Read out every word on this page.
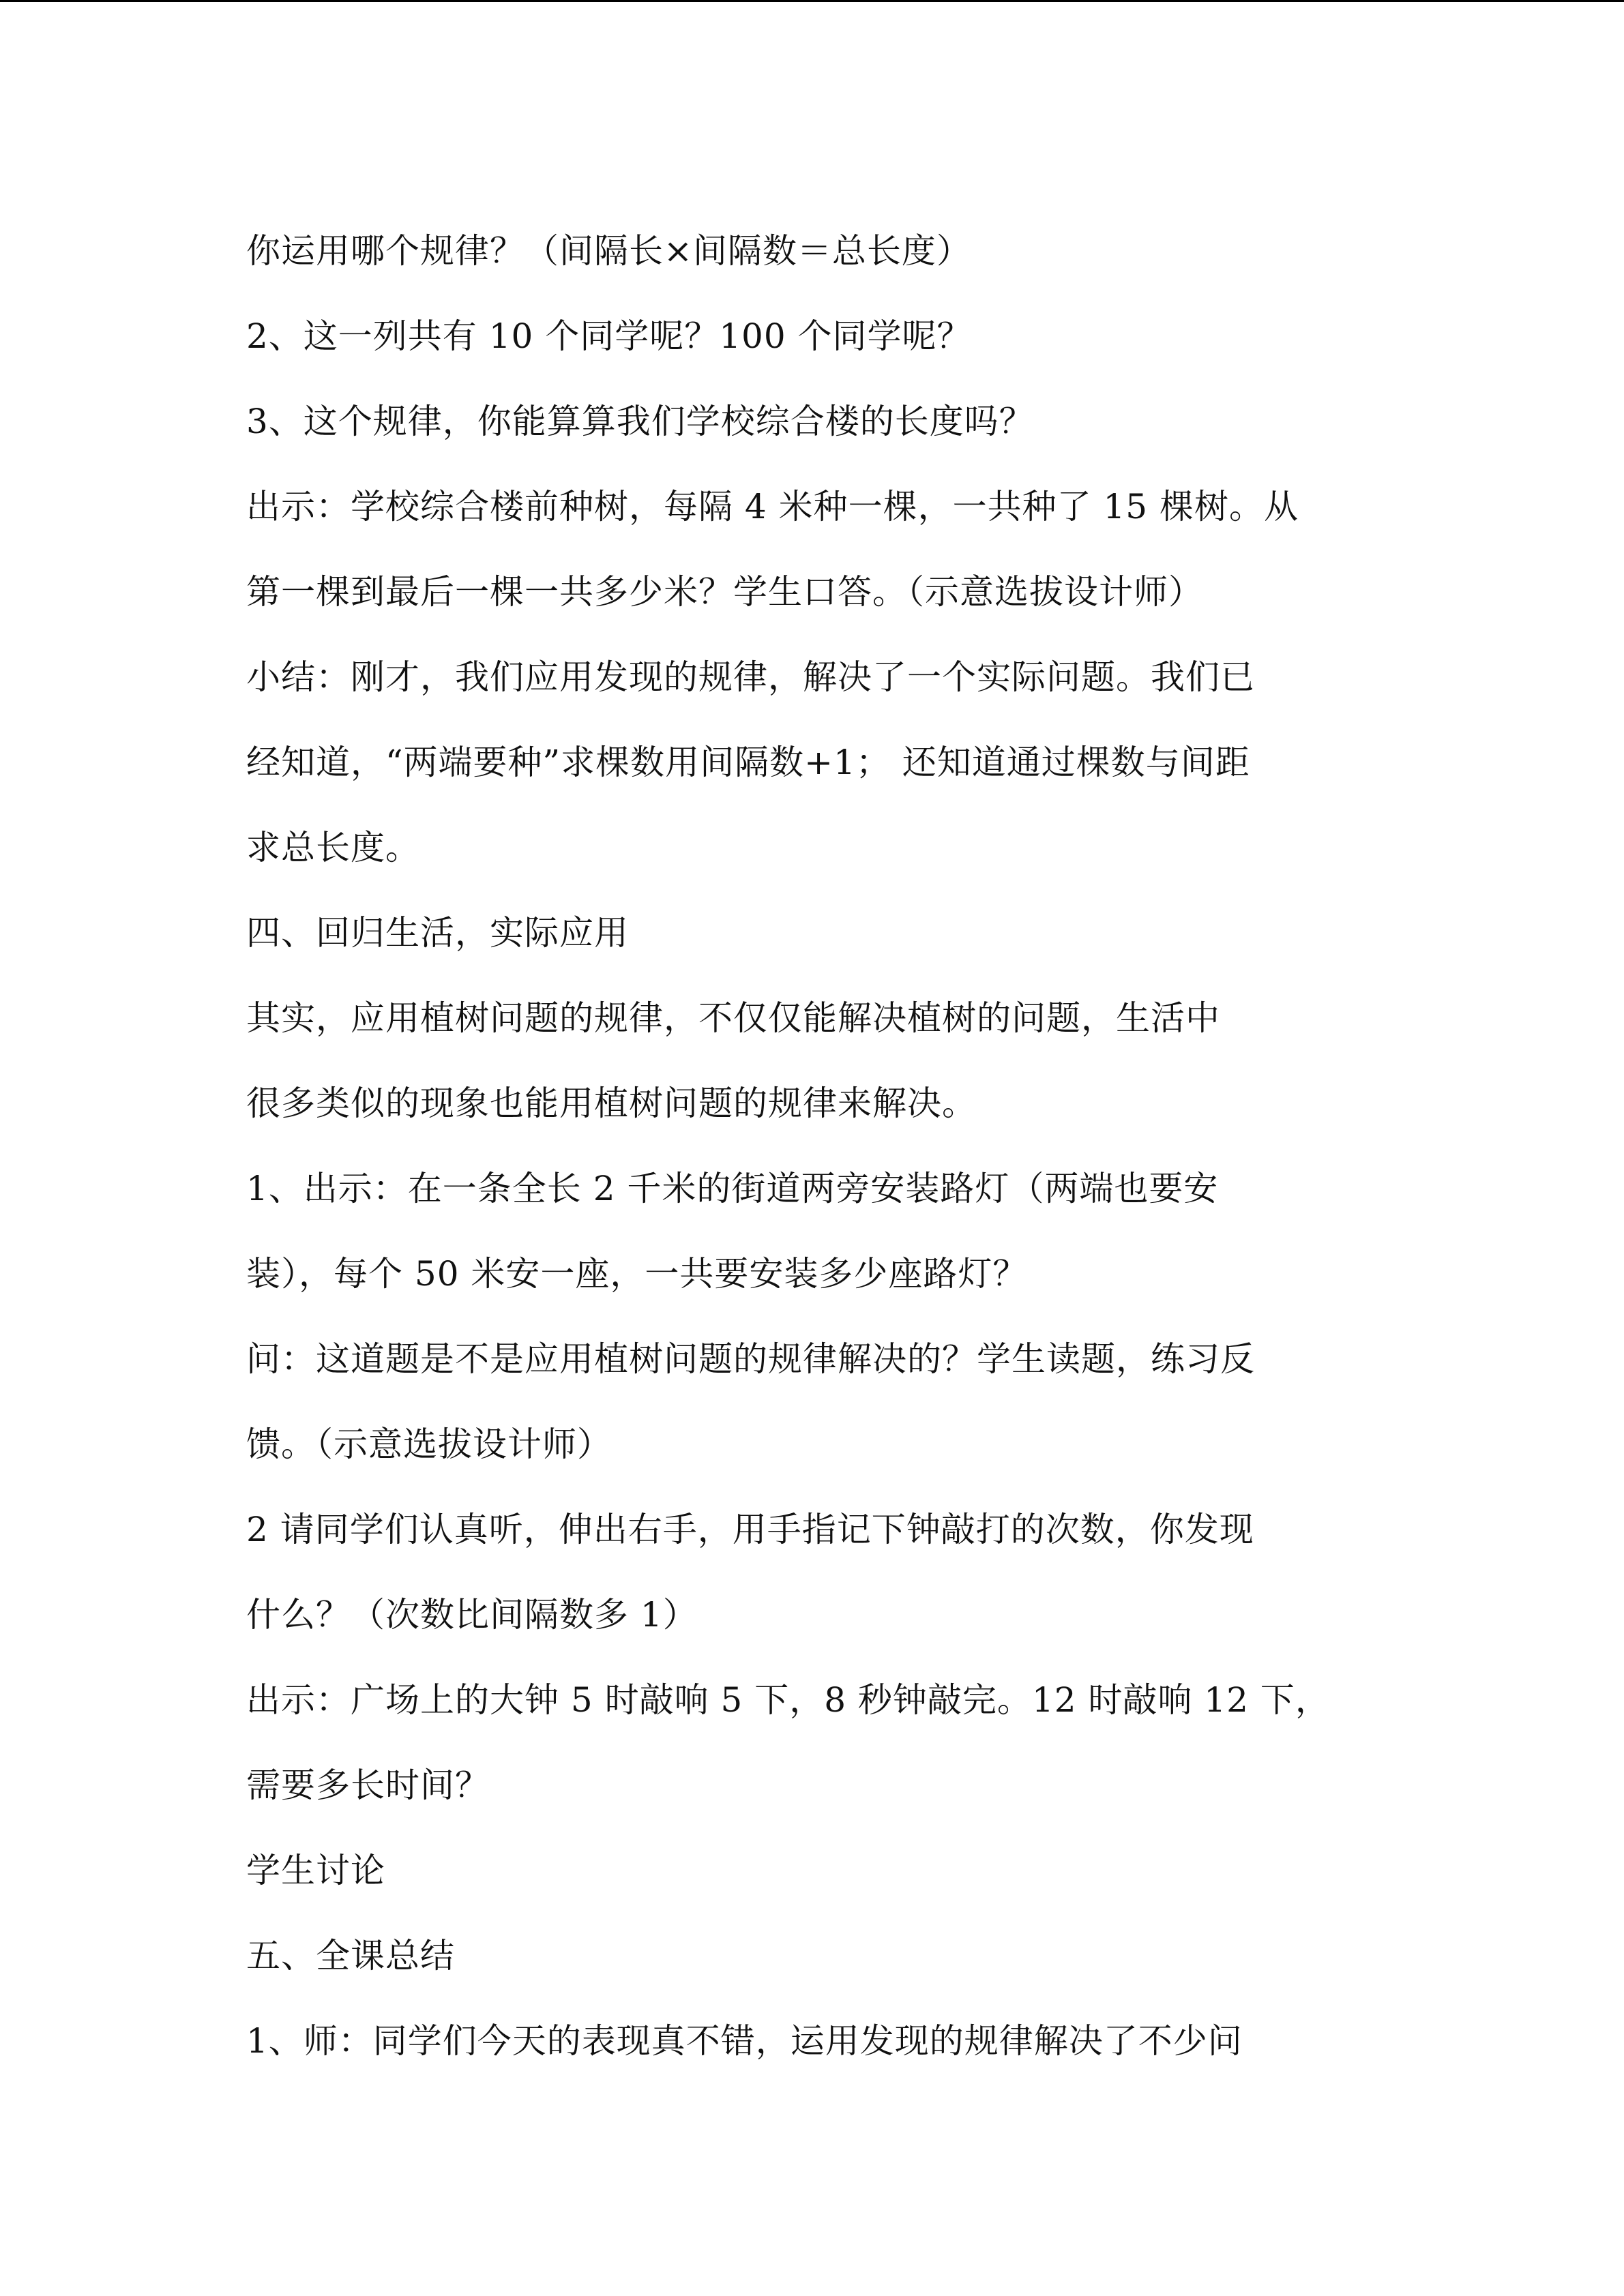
你运用哪个规律？（间隔长×间隔数＝总长度）
2、这一列共有 10 个同学呢？100 个同学呢？
3、这个规律，你能算算我们学校综合楼的长度吗？
出示：学校综合楼前种树，每隔 4 米种一棵，一共种了 15 棵树。从
第一棵到最后一棵一共多少米？学生口答。（示意选拔设计师）
小结：刚才，我们应用发现的规律，解决了一个实际问题。我们已
经知道，“两端要种”求棵数用间隔数+1； 还知道通过棵数与间距
求总长度。
四、回归生活，实际应用
其实，应用植树问题的规律，不仅仅能解决植树的问题，生活中
很多类似的现象也能用植树问题的规律来解决。
1、出示：在一条全长 2 千米的街道两旁安装路灯（两端也要安
装），每个 50 米安一座，一共要安装多少座路灯？
问：这道题是不是应用植树问题的规律解决的？学生读题，练习反
馈。（示意选拔设计师）
2 请同学们认真听，伸出右手，用手指记下钟敲打的次数，你发现
什么？（次数比间隔数多 1）
出示：广场上的大钟 5 时敲响 5 下，8 秒钟敲完。12 时敲响 12 下，
需要多长时间？
学生讨论
五、全课总结
1、师：同学们今天的表现真不错，运用发现的规律解决了不少问
